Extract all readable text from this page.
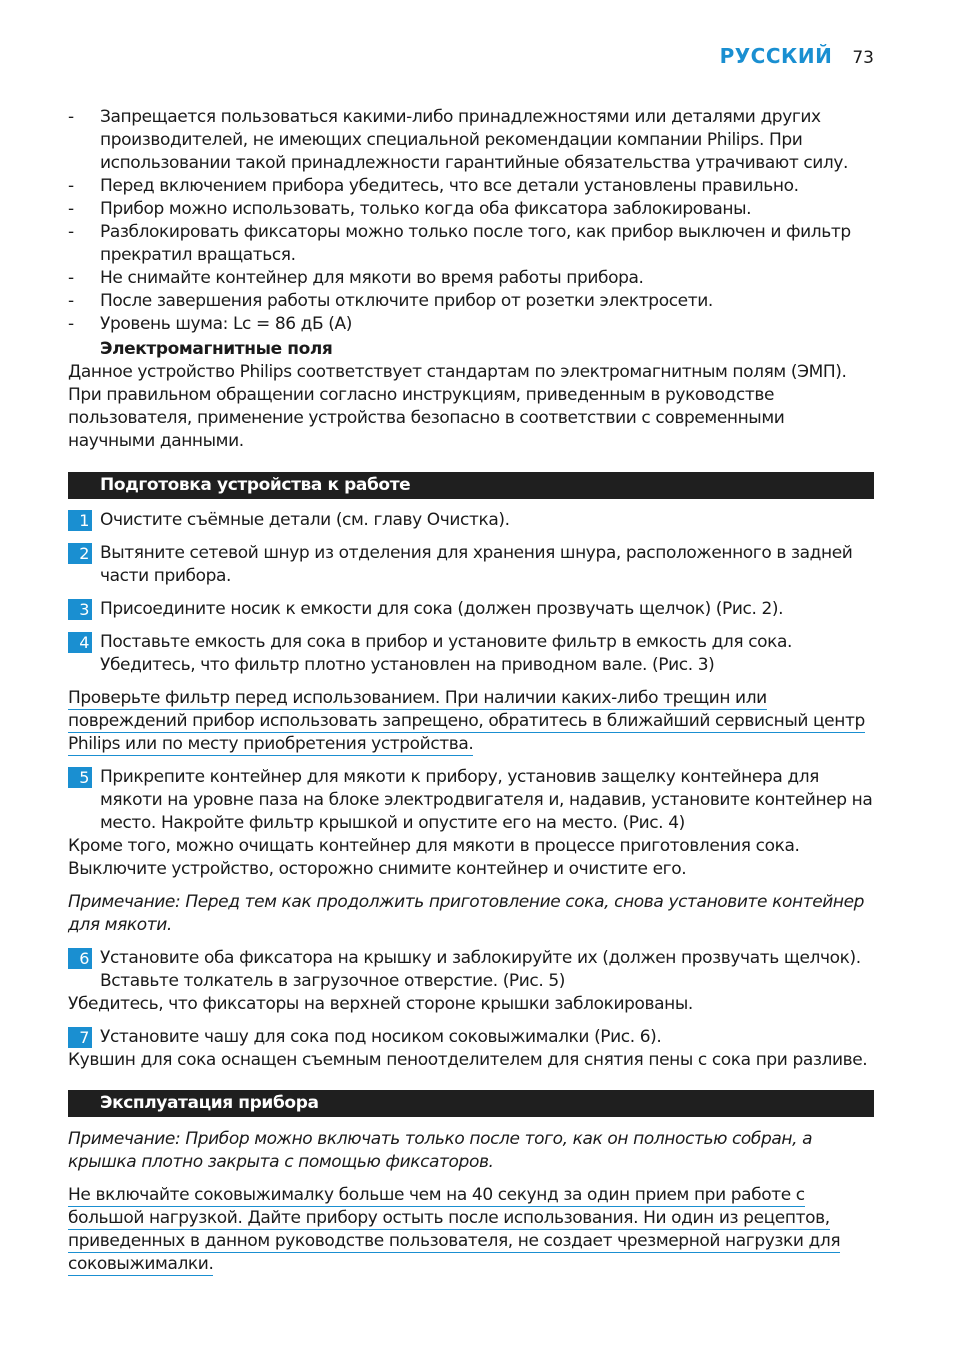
РУССКИЙ 73
- Запрещается пользоваться какими-либо принадлежностями или деталями других производителей, не имеющих специальной рекомендации компании Philips. При использовании такой принадлежности гарантийные обязательства утрачивают силу.
- Перед включением прибора убедитесь, что все детали установлены правильно.
- Прибор можно использовать, только когда оба фиксатора заблокированы.
- Разблокировать фиксаторы можно только после того, как прибор выключен и фильтр прекратил вращаться.
- Не снимайте контейнер для мякоти во время работы прибора.
- После завершения работы отключите прибор от розетки электросети.
- Уровень шума: Lc = 86 дБ (A)
Электромагнитные поля

Данное устройство Philips соответствует стандартам по электромагнитным полям (ЭМП). При правильном обращении согласно инструкциям, приведенным в руководстве пользователя, применение устройства безопасно в соответствии с современными научными данными.

Подготовка устройства к работе
1 Очистите съёмные детали (см. главу Очистка).
2 Вытяните сетевой шнур из отделения для хранения шнура, расположенного в задней части прибора.
3 Присоедините носик к емкости для сока (должен прозвучать щелчок) (Рис. 2).
4 Поставьте емкость для сока в прибор и установите фильтр в емкость для сока. Убедитесь, что фильтр плотно установлен на приводном вале. (Рис. 3)
Проверьте фильтр перед использованием. При наличии каких-либо трещин или повреждений прибор использовать запрещено, обратитесь в ближайший сервисный центр Philips или по месту приобретения устройства.
5 Прикрепите контейнер для мякоти к прибору, установив защелку контейнера для мякоти на уровне паза на блоке электродвигателя и, надавив, установите контейнер на место. Накройте фильтр крышкой и опустите его на место. (Рис. 4)

Кроме того, можно очищать контейнер для мякоти в процессе приготовления сока. Выключите устройство, осторожно снимите контейнер и очистите его.

Примечание: Перед тем как продолжить приготовление сока, снова установите контейнер для мякоти.
6 Установите оба фиксатора на крышку и заблокируйте их (должен прозвучать щелчок). Вставьте толкатель в загрузочное отверстие. (Рис. 5)

Убедитесь, что фиксаторы на верхней стороне крышки заблокированы.

7 Установите чашу для сока под носиком соковыжималки (Рис. 6).

Кувшин для сока оснащен съемным пеноотделителем для снятия пены с сока при разливе.

Эксплуатация прибора
Примечание: Прибор можно включать только после того, как он полностью собран, а крышка плотно закрыта с помощью фиксаторов.
Не включайте соковыжималку больше чем на 40 секунд за один прием при работе с большой нагрузкой. Дайте прибору остыть после использования. Ни один из рецептов, приведенных в данном руководстве пользователя, не создает чрезмерной нагрузки для соковыжималки.
